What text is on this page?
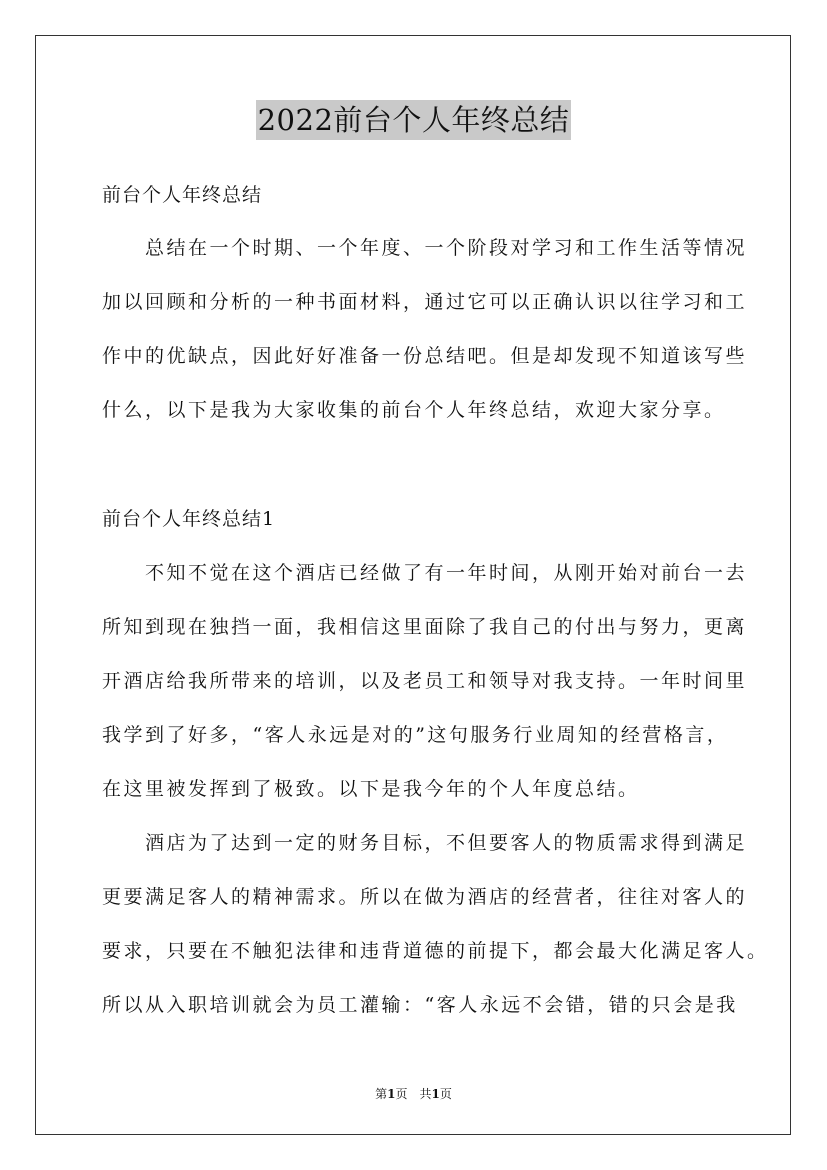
2022前台个人年终总结
前台个人年终总结
总结在一个时期、一个年度、一个阶段对学习和工作生活等情况
加以回顾和分析的一种书面材料，通过它可以正确认识以往学习和工
作中的优缺点，因此好好准备一份总结吧。但是却发现不知道该写些
什么，以下是我为大家收集的前台个人年终总结，欢迎大家分享。
前台个人年终总结1
不知不觉在这个酒店已经做了有一年时间，从刚开始对前台一去
所知到现在独挡一面，我相信这里面除了我自己的付出与努力，更离
开酒店给我所带来的培训，以及老员工和领导对我支持。一年时间里
我学到了好多，“客人永远是对的”这句服务行业周知的经营格言，
在这里被发挥到了极致。以下是我今年的个人年度总结。
酒店为了达到一定的财务目标，不但要客人的物质需求得到满足
更要满足客人的精神需求。所以在做为酒店的经营者，往往对客人的
要求，只要在不触犯法律和违背道德的前提下，都会最大化满足客人。
所以从入职培训就会为员工灌输：“客人永远不会错，错的只会是我
第1页　共1页
